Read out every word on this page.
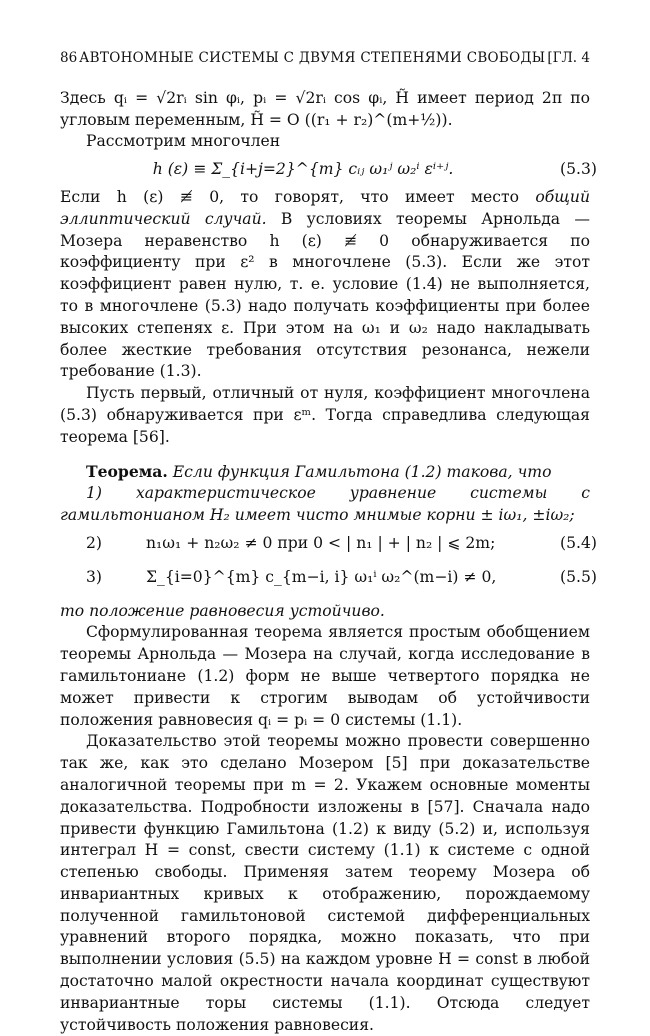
86 АВТОНОМНЫЕ СИСТЕМЫ С ДВУМЯ СТЕПЕНЯМИ СВОБОДЫ [ГЛ. 4

Здесь qᵢ = √2rᵢ sin φᵢ, pᵢ = √2rᵢ cos φᵢ, H̃ имеет период 2π по угловым переменным, H̃ = O ((r₁ + r₂)^(m+½)).

Рассмотрим многочлен

h (ε) ≡ Σ_{i+j=2}^{m} cᵢⱼ ω₁ʲ ω₂ⁱ εⁱ⁺ʲ.	(5.3)

Если h (ε) ≢ 0, то говорят, что имеет место общий эллиптический случай. В условиях теоремы Арнольда — Мозера неравенство h (ε) ≢ 0 обнаруживается по коэффициенту при ε² в многочлене (5.3). Если же этот коэффициент равен нулю, т. е. условие (1.4) не выполняется, то в многочлене (5.3) надо получать коэффициенты при более высоких степенях ε. При этом на ω₁ и ω₂ надо накладывать более жесткие требования отсутствия резонанса, нежели требование (1.3).

Пусть первый, отличный от нуля, коэффициент многочлена (5.3) обнаруживается при εᵐ. Тогда справедлива следующая теорема [56].

Теорема. Если функция Гамильтона (1.2) такова, что

1) характеристическое уравнение системы с гамильтонианом H₂ имеет чисто мнимые корни ± iω₁, ±iω₂;

2)	n₁ω₁ + n₂ω₂ ≠ 0 при 0 < | n₁ | + | n₂ | ⩽ 2m;	(5.4)
3)	Σ_{i=0}^{m} c_{m−i, i} ω₁ⁱ ω₂^(m−i) ≠ 0,	(5.5)

то положение равновесия устойчиво.

Сформулированная теорема является простым обобщением теоремы Арнольда — Мозера на случай, когда исследование в гамильтониане (1.2) форм не выше четвертого порядка не может привести к строгим выводам об устойчивости положения равновесия qᵢ = pᵢ = 0 системы (1.1).

Доказательство этой теоремы можно провести совершенно так же, как это сделано Мозером [5] при доказательстве аналогичной теоремы при m = 2. Укажем основные моменты доказательства. Подробности изложены в [57]. Сначала надо привести функцию Гамильтона (1.2) к виду (5.2) и, используя интеграл H = const, свести систему (1.1) к системе с одной степенью свободы. Применяя затем теорему Мозера об инвариантных кривых к отображению, порождаемому полученной гамильтоновой системой дифференциальных уравнений второго порядка, можно показать, что при выполнении условия (5.5) на каждом уровне H = const в любой достаточно малой окрестности начала координат существуют инвариантные торы системы (1.1). Отсюда следует устойчивость положения равновесия.
